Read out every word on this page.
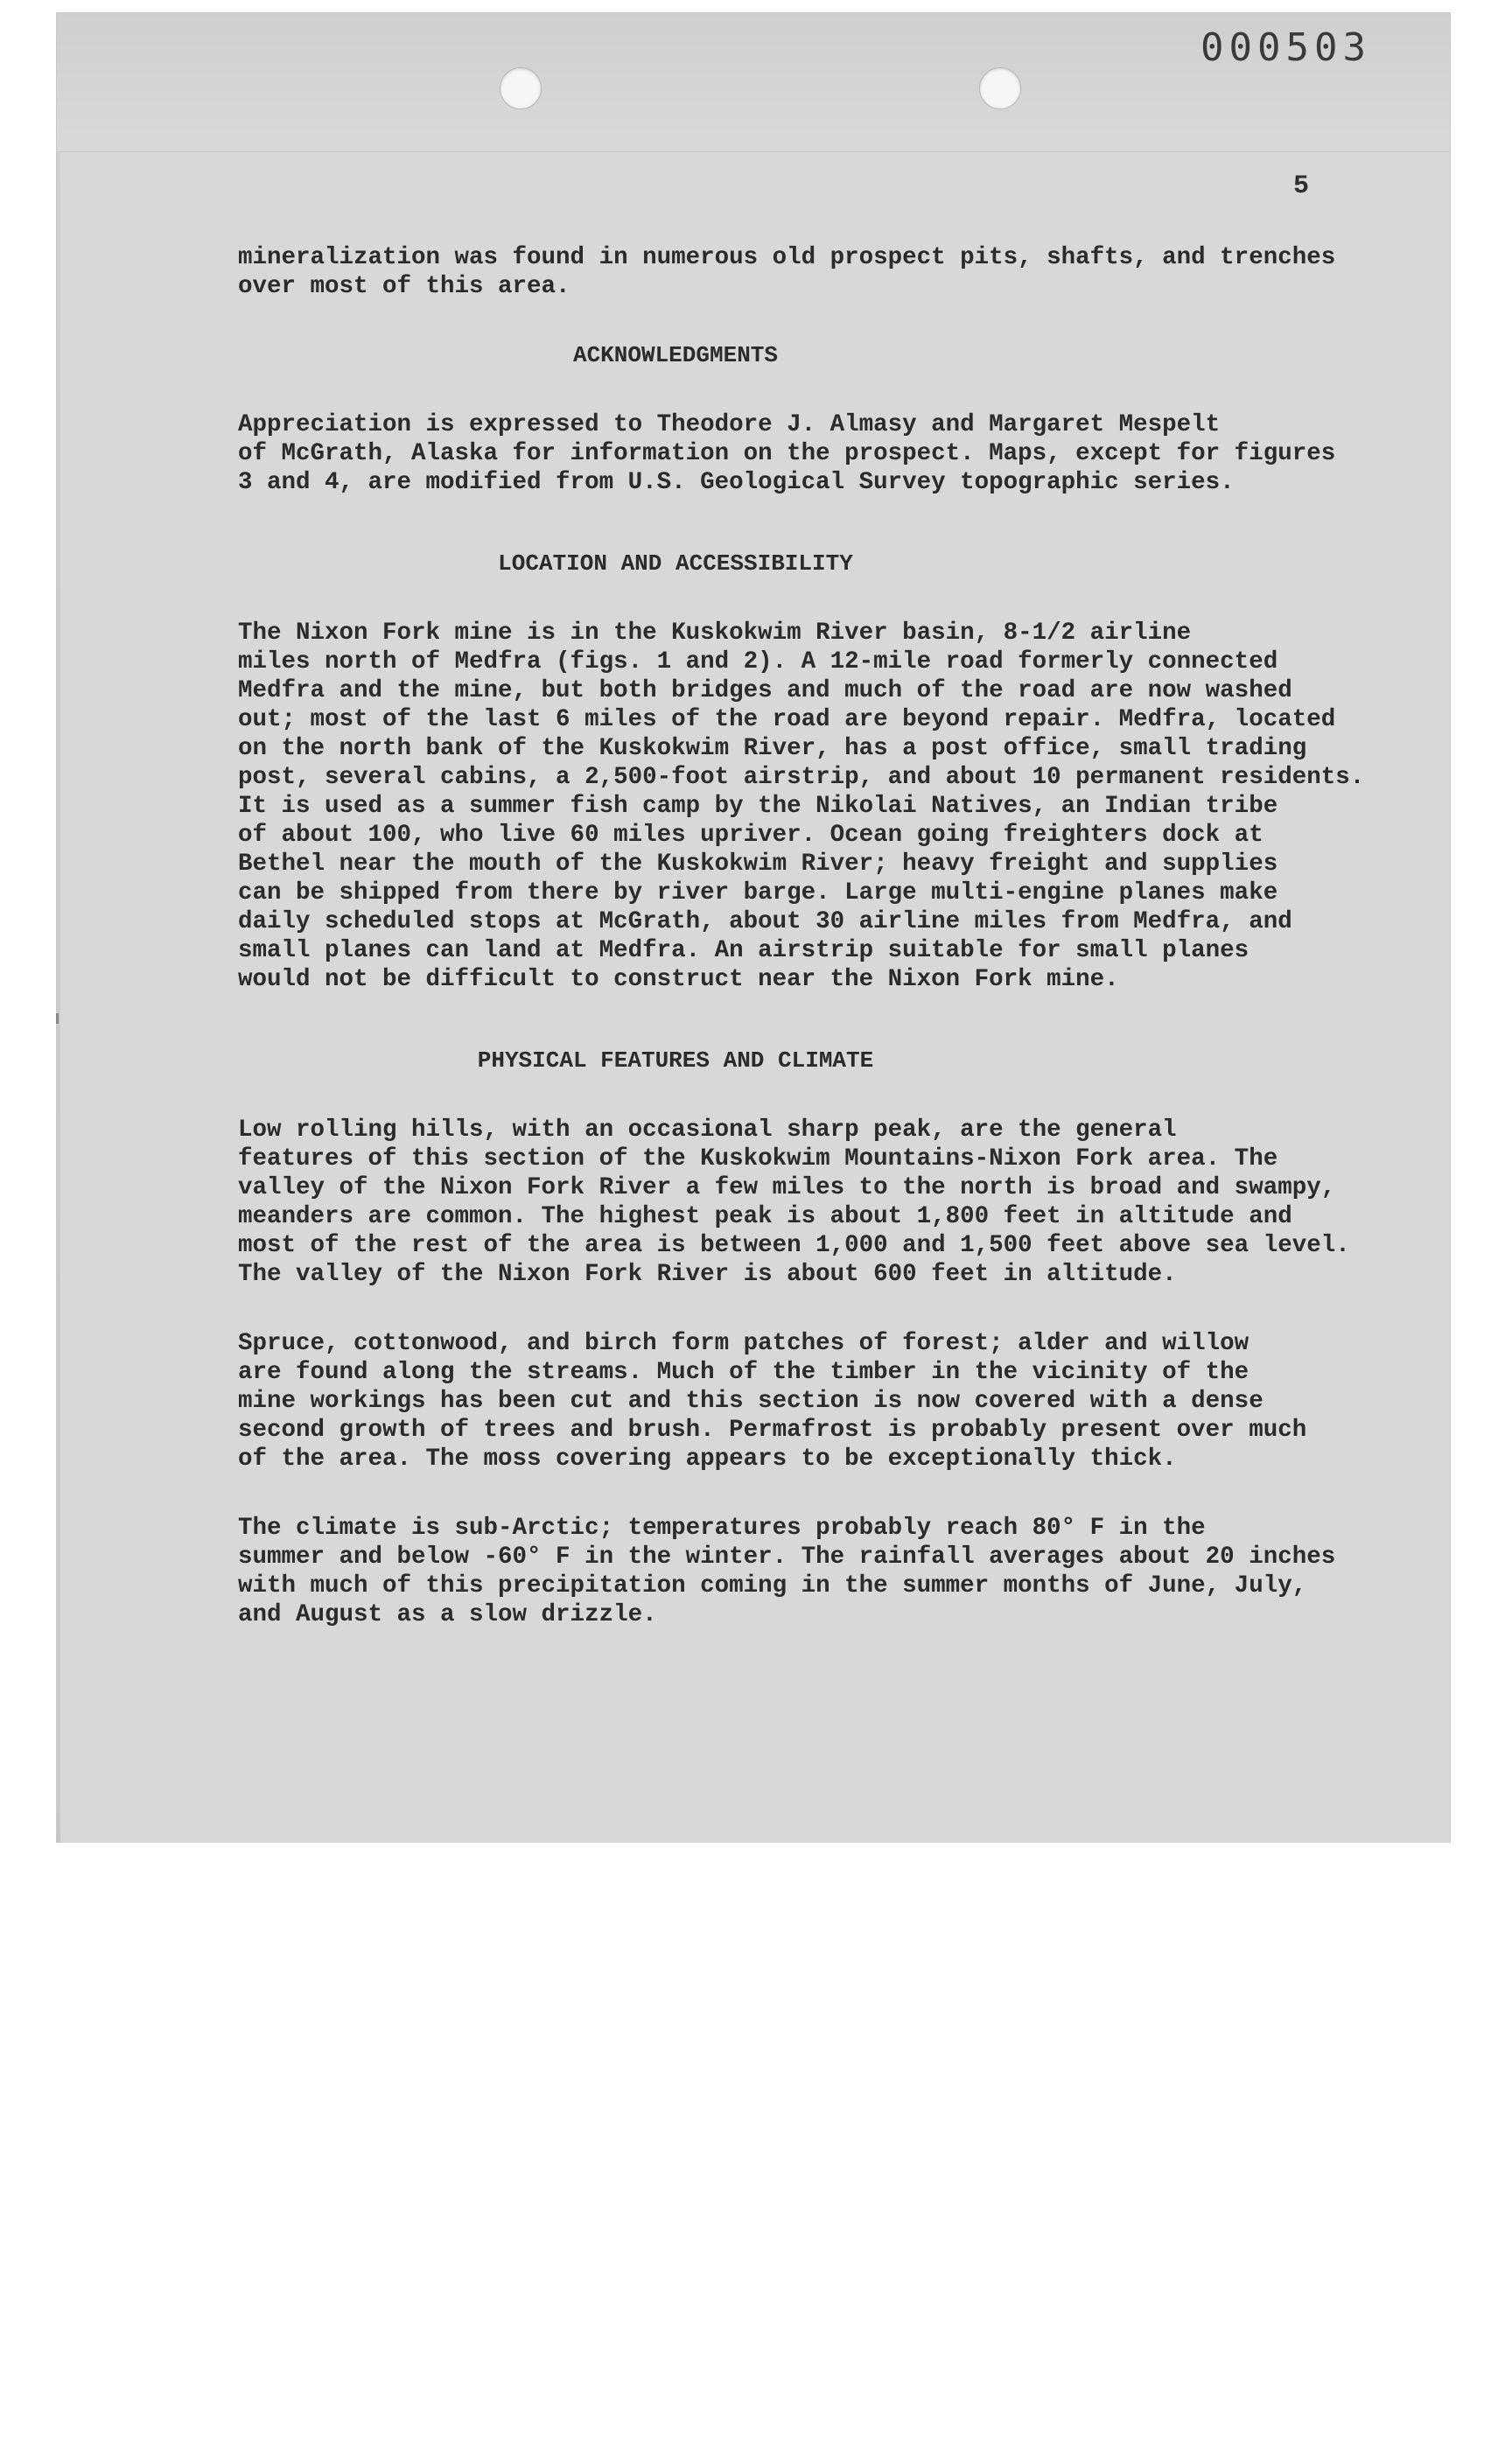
000503
5

mineralization was found in numerous old prospect pits, shafts, and trenches
over most of this area.

ACKNOWLEDGMENTS

Appreciation is expressed to Theodore J. Almasy and Margaret Mespelt
of McGrath, Alaska for information on the prospect. Maps, except for figures
3 and 4, are modified from U.S. Geological Survey topographic series.

LOCATION AND ACCESSIBILITY

The Nixon Fork mine is in the Kuskokwim River basin, 8-1/2 airline
miles north of Medfra (figs. 1 and 2). A 12-mile road formerly connected
Medfra and the mine, but both bridges and much of the road are now washed
out; most of the last 6 miles of the road are beyond repair. Medfra, located
on the north bank of the Kuskokwim River, has a post office, small trading
post, several cabins, a 2,500-foot airstrip, and about 10 permanent residents.
It is used as a summer fish camp by the Nikolai Natives, an Indian tribe
of about 100, who live 60 miles upriver. Ocean going freighters dock at
Bethel near the mouth of the Kuskokwim River; heavy freight and supplies
can be shipped from there by river barge. Large multi-engine planes make
daily scheduled stops at McGrath, about 30 airline miles from Medfra, and
small planes can land at Medfra. An airstrip suitable for small planes
would not be difficult to construct near the Nixon Fork mine.

PHYSICAL FEATURES AND CLIMATE

Low rolling hills, with an occasional sharp peak, are the general
features of this section of the Kuskokwim Mountains-Nixon Fork area. The
valley of the Nixon Fork River a few miles to the north is broad and swampy,
meanders are common. The highest peak is about 1,800 feet in altitude and
most of the rest of the area is between 1,000 and 1,500 feet above sea level.
The valley of the Nixon Fork River is about 600 feet in altitude.

Spruce, cottonwood, and birch form patches of forest; alder and willow
are found along the streams. Much of the timber in the vicinity of the
mine workings has been cut and this section is now covered with a dense
second growth of trees and brush. Permafrost is probably present over much
of the area. The moss covering appears to be exceptionally thick.

The climate is sub-Arctic; temperatures probably reach 80° F in the
summer and below -60° F in the winter. The rainfall averages about 20 inches
with much of this precipitation coming in the summer months of June, July,
and August as a slow drizzle.
